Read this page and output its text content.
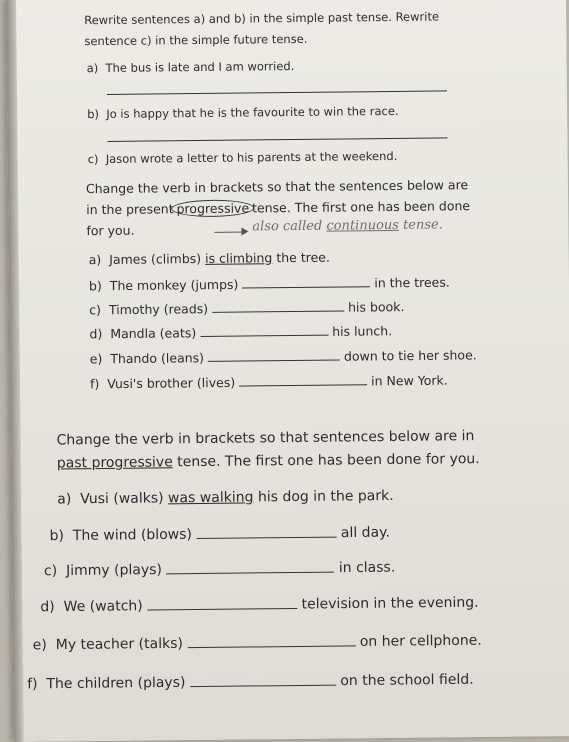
Rewrite sentences a) and b) in the simple past tense. Rewrite
sentence c) in the simple future tense.
a) The bus is late and I am worried.
b) Jo is happy that he is the favourite to win the race.
c) Jason wrote a letter to his parents at the weekend.
Change the verb in brackets so that the sentences below are
in the present progressive tense. The first one has been done
for you.	also called continuous tense.
a) James (climbs) is climbing the tree.
b) The monkey (jumps)	in the trees.
c) Timothy (reads)	his book.
d) Mandla (eats)	his lunch.
e) Thando (leans)	down to tie her shoe.
f) Vusi's brother (lives)	in New York.
Change the verb in brackets so that sentences below are in
past progressive tense. The first one has been done for you.
a) Vusi (walks) was walking his dog in the park.
b) The wind (blows)	all day.
c) Jimmy (plays)	in class.
d) We (watch)	television in the evening.
e) My teacher (talks)	on her cellphone.
f) The children (plays)	on the school field.
